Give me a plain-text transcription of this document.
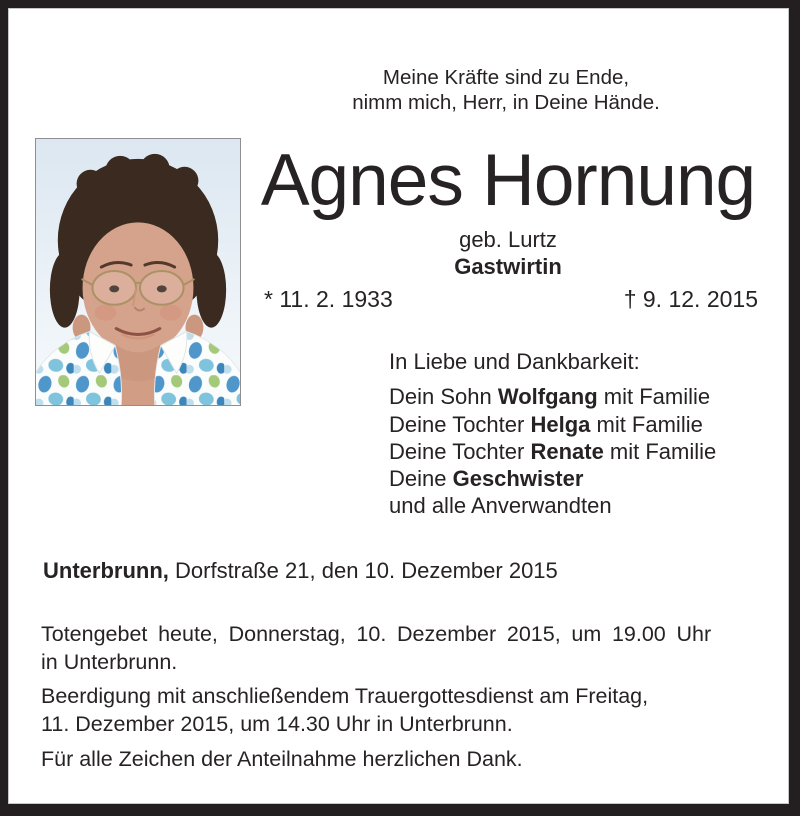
Meine Kräfte sind zu Ende,
nimm mich, Herr, in Deine Hände.
Agnes Hornung
geb. Lurtz
Gastwirtin
* 11. 2. 1933	† 9. 12. 2015
In Liebe und Dankbarkeit:
Dein Sohn Wolfgang mit Familie
Deine Tochter Helga mit Familie
Deine Tochter Renate mit Familie
Deine Geschwister
und alle Anverwandten
Unterbrunn, Dorfstraße 21, den 10. Dezember 2015
Totengebet heute, Donnerstag, 10. Dezember 2015, um 19.00 Uhr
in Unterbrunn.
Beerdigung mit anschließendem Trauergottesdienst am Freitag,
11. Dezember 2015, um 14.30 Uhr in Unterbrunn.
Für alle Zeichen der Anteilnahme herzlichen Dank.
